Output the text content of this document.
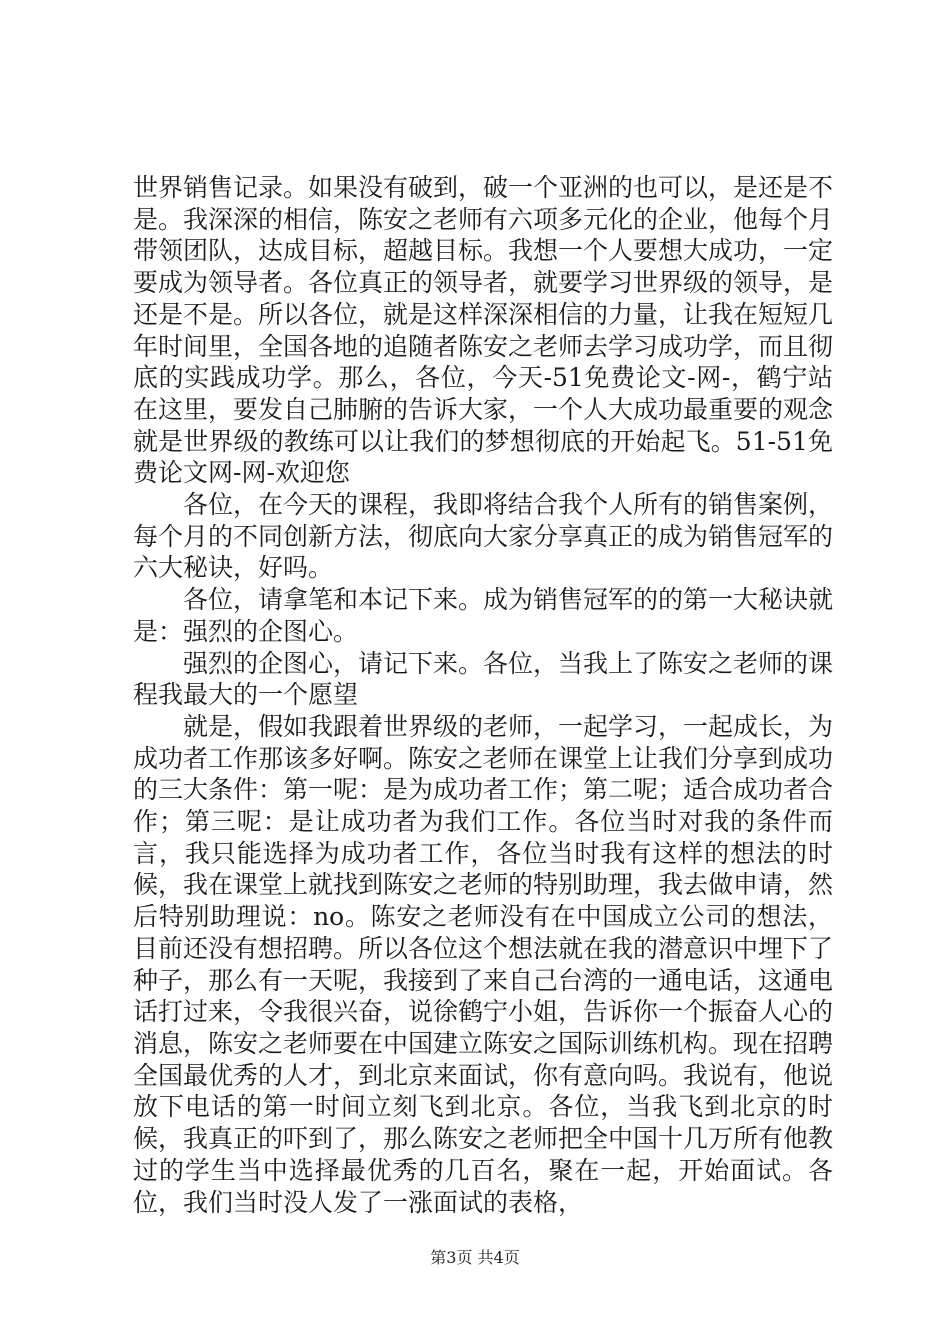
世界销售记录。如果没有破到，破一个亚洲的也可以，是还是不是。我深深的相信，陈安之老师有六项多元化的企业，他每个月带领团队，达成目标，超越目标。我想一个人要想大成功，一定要成为领导者。各位真正的领导者，就要学习世界级的领导，是还是不是。所以各位，就是这样深深相信的力量，让我在短短几年时间里，全国各地的追随者陈安之老师去学习成功学，而且彻底的实践成功学。那么，各位，今天-51免费论文-网-，鹤宁站在这里，要发自己肺腑的告诉大家，一个人大成功最重要的观念就是世界级的教练可以让我们的梦想彻底的开始起飞。51-51免费论文网-网-欢迎您

各位，在今天的课程，我即将结合我个人所有的销售案例，每个月的不同创新方法，彻底向大家分享真正的成为销售冠军的六大秘诀，好吗。

各位，请拿笔和本记下来。成为销售冠军的的第一大秘诀就是：强烈的企图心。

强烈的企图心，请记下来。各位，当我上了陈安之老师的课程我最大的一个愿望

就是，假如我跟着世界级的老师，一起学习，一起成长，为成功者工作那该多好啊。陈安之老师在课堂上让我们分享到成功的三大条件：第一呢：是为成功者工作；第二呢；适合成功者合作；第三呢：是让成功者为我们工作。各位当时对我的条件而言，我只能选择为成功者工作，各位当时我有这样的想法的时候，我在课堂上就找到陈安之老师的特别助理，我去做申请，然后特别助理说：no。陈安之老师没有在中国成立公司的想法，目前还没有想招聘。所以各位这个想法就在我的潜意识中埋下了种子，那么有一天呢，我接到了来自己台湾的一通电话，这通电话打过来，令我很兴奋，说徐鹤宁小姐，告诉你一个振奋人心的消息，陈安之老师要在中国建立陈安之国际训练机构。现在招聘全国最优秀的人才，到北京来面试，你有意向吗。我说有，他说放下电话的第一时间立刻飞到北京。各位，当我飞到北京的时候，我真正的吓到了，那么陈安之老师把全中国十几万所有他教过的学生当中选择最优秀的几百名，聚在一起，开始面试。各位，我们当时没人发了一涨面试的表格，

第3页 共4页
